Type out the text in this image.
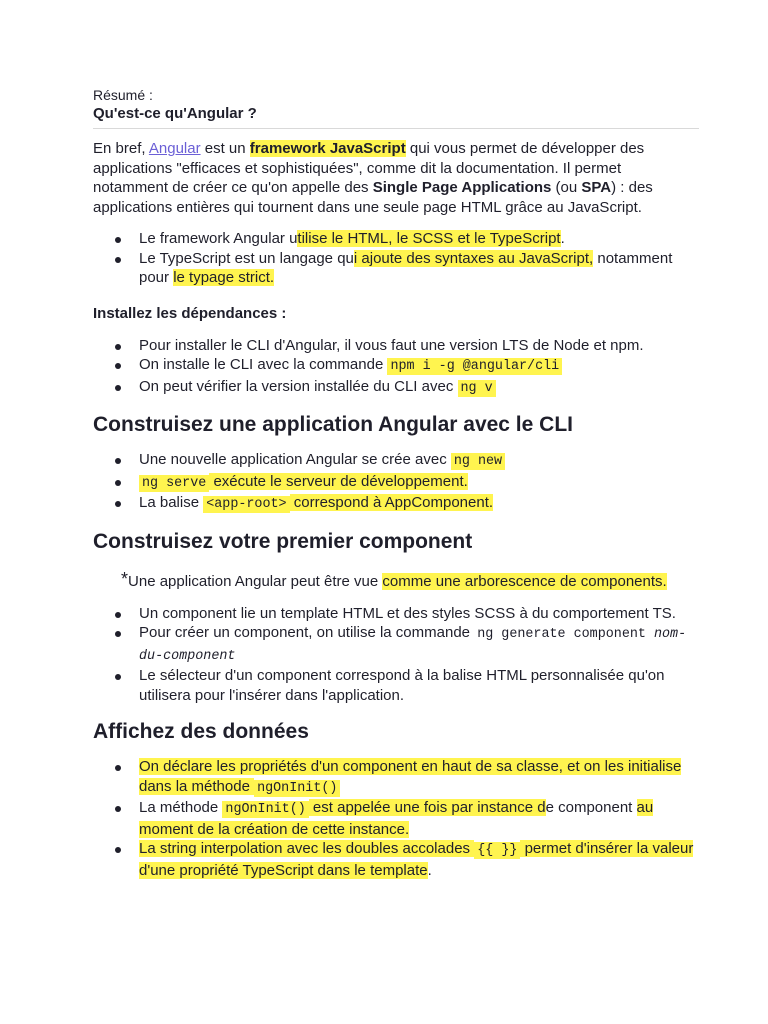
Résumé :

Qu'est-ce qu'Angular ?

En bref, Angular est un framework JavaScript qui vous permet de développer des applications "efficaces et sophistiquées", comme dit la documentation. Il permet notamment de créer ce qu'on appelle des Single Page Applications (ou SPA) : des applications entières qui tournent dans une seule page HTML grâce au JavaScript.

Le framework Angular utilise le HTML, le SCSS et le TypeScript.
Le TypeScript est un langage qui ajoute des syntaxes au JavaScript, notamment pour le typage strict.

Installez les dépendances :

Pour installer le CLI d'Angular, il vous faut une version LTS de Node et npm.
On installe le CLI avec la commande npm i -g @angular/cli
On peut vérifier la version installée du CLI avec ng v
Construisez une application Angular avec le CLI
Une nouvelle application Angular se crée avec ng new
ng serve exécute le serveur de développement.
La balise <app-root> correspond à AppComponent.
Construisez votre premier component

*Une application Angular peut être vue comme une arborescence de components.

Un component lie un template HTML et des styles SCSS à du comportement TS.
Pour créer un component, on utilise la commande ng generate component nom-du-component
Le sélecteur d'un component correspond à la balise HTML personnalisée qu'on utilisera pour l'insérer dans l'application.
Affichez des données
On déclare les propriétés d'un component en haut de sa classe, et on les initialise dans la méthode ngOnInit()
La méthode ngOnInit() est appelée une fois par instance de component au moment de la création de cette instance.
La string interpolation avec les doubles accolades {{ }} permet d'insérer la valeur d'une propriété TypeScript dans le template.
